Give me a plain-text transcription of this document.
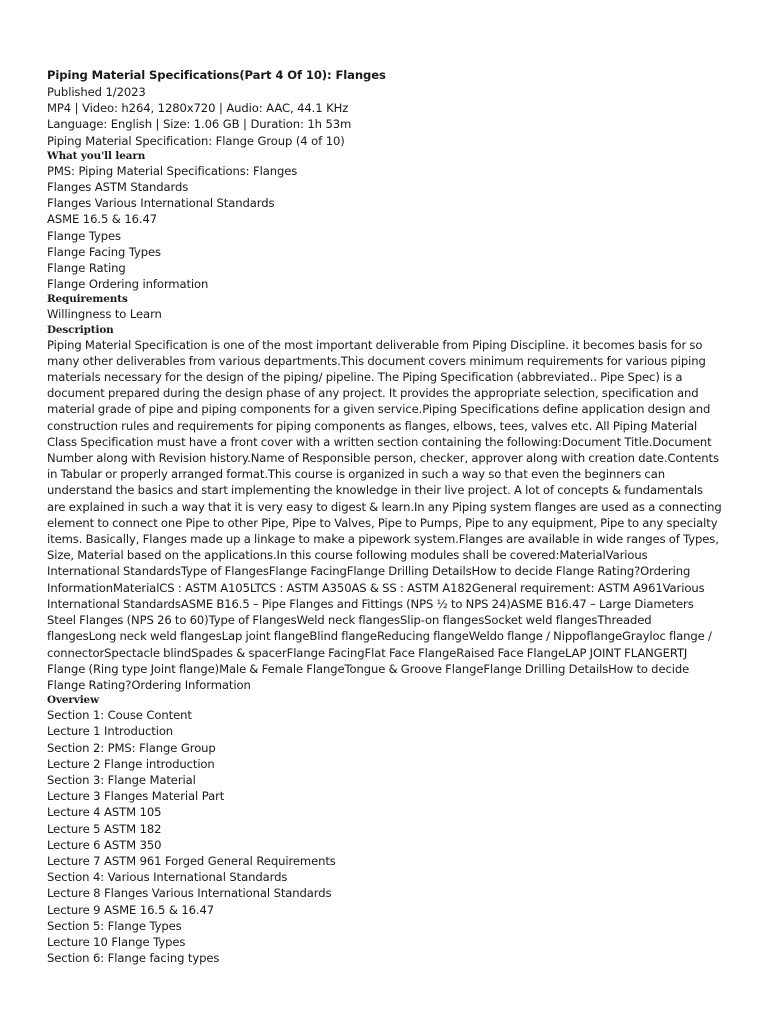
Piping Material Specifications(Part 4 Of 10): Flanges
Published 1/2023
MP4 | Video: h264, 1280x720 | Audio: AAC, 44.1 KHz
Language: English | Size: 1.06 GB | Duration: 1h 53m
Piping Material Specification: Flange Group (4 of 10)
What you'll learn
PMS: Piping Material Specifications: Flanges
Flanges ASTM Standards
Flanges Various International Standards
ASME 16.5 & 16.47
Flange Types
Flange Facing Types
Flange Rating
Flange Ordering information
Requirements
Willingness to Learn
Description
Piping Material Specification is one of the most important deliverable from Piping Discipline. it becomes basis for so
many other deliverables from various departments.This document covers minimum requirements for various piping
materials necessary for the design of the piping/ pipeline. The Piping Specification (abbreviated.. Pipe Spec) is a
document prepared during the design phase of any project. It provides the appropriate selection, specification and
material grade of pipe and piping components for a given service.Piping Specifications define application design and
construction rules and requirements for piping components as flanges, elbows, tees, valves etc. All Piping Material
Class Specification must have a front cover with a written section containing the following:Document Title.Document
Number along with Revision history.Name of Responsible person, checker, approver along with creation date.Contents
in Tabular or properly arranged format.This course is organized in such a way so that even the beginners can
understand the basics and start implementing the knowledge in their live project. A lot of concepts & fundamentals
are explained in such a way that it is very easy to digest & learn.In any Piping system flanges are used as a connecting
element to connect one Pipe to other Pipe, Pipe to Valves, Pipe to Pumps, Pipe to any equipment, Pipe to any specialty
items. Basically, Flanges made up a linkage to make a pipework system.Flanges are available in wide ranges of Types,
Size, Material based on the applications.In this course following modules shall be covered:MaterialVarious
International StandardsType of FlangesFlange FacingFlange Drilling DetailsHow to decide Flange Rating?Ordering
InformationMaterialCS : ASTM A105LTCS : ASTM A350AS & SS : ASTM A182General requirement: ASTM A961Various
International StandardsASME B16.5 – Pipe Flanges and Fittings (NPS ½ to NPS 24)ASME B16.47 – Large Diameters
Steel Flanges (NPS 26 to 60)Type of FlangesWeld neck flangesSlip-on flangesSocket weld flangesThreaded
flangesLong neck weld flangesLap joint flangeBlind flangeReducing flangeWeldo flange / NippoflangeGrayloc flange /
connectorSpectacle blindSpades & spacerFlange FacingFlat Face FlangeRaised Face FlangeLAP JOINT FLANGERTJ
Flange (Ring type Joint flange)Male & Female FlangeTongue & Groove FlangeFlange Drilling DetailsHow to decide
Flange Rating?Ordering Information
Overview
Section 1: Couse Content
Lecture 1 Introduction
Section 2: PMS: Flange Group
Lecture 2 Flange introduction
Section 3: Flange Material
Lecture 3 Flanges Material Part
Lecture 4 ASTM 105
Lecture 5 ASTM 182
Lecture 6 ASTM 350
Lecture 7 ASTM 961 Forged General Requirements
Section 4: Various International Standards
Lecture 8 Flanges Various International Standards
Lecture 9 ASME 16.5 & 16.47
Section 5: Flange Types
Lecture 10 Flange Types
Section 6: Flange facing types
